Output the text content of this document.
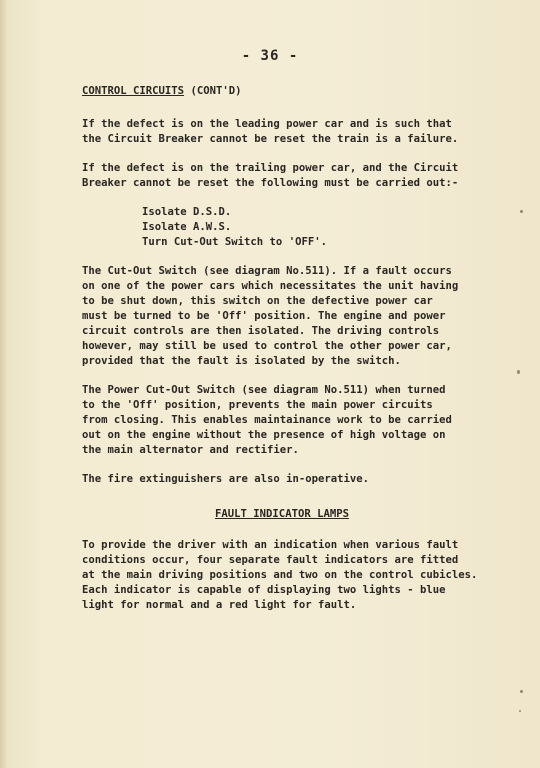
- 36 -
CONTROL CIRCUITS (CONT'D)

If the defect is on the leading power car and is such that
the Circuit Breaker cannot be reset the train is a failure.

If the defect is on the trailing power car, and the Circuit
Breaker cannot be reset the following must be carried out:-

Isolate D.S.D.
Isolate A.W.S.
Turn Cut-Out Switch to 'OFF'.

The Cut-Out Switch (see diagram No.511). If a fault occurs
on one of the power cars which necessitates the unit having
to be shut down, this switch on the defective power car
must be turned to be 'Off' position. The engine and power
circuit controls are then isolated. The driving controls
however, may still be used to control the other power car,
provided that the fault is isolated by the switch.

The Power Cut-Out Switch (see diagram No.511) when turned
to the 'Off' position, prevents the main power circuits
from closing. This enables maintainance work to be carried
out on the engine without the presence of high voltage on
the main alternator and rectifier.

The fire extinguishers are also in-operative.

FAULT INDICATOR LAMPS

To provide the driver with an indication when various fault
conditions occur, four separate fault indicators are fitted
at the main driving positions and two on the control cubicles.
Each indicator is capable of displaying two lights - blue
light for normal and a red light for fault.
